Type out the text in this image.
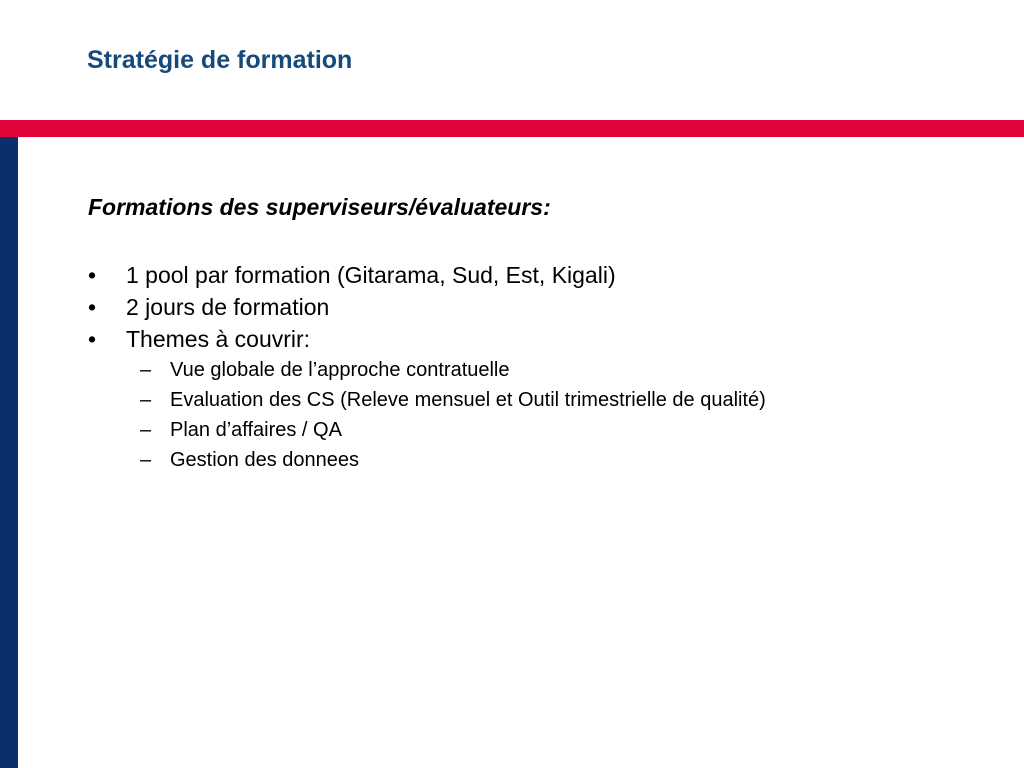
Stratégie de formation

Formations des superviseurs/évaluateurs:

•	1 pool par formation (Gitarama, Sud, Est, Kigali)
•	2 jours de formation
•	Themes à couvrir:
– Vue globale de l’approche contratuelle
– Evaluation des CS (Releve mensuel et Outil trimestrielle de qualité)
– Plan d’affaires / QA
– Gestion des donnees
